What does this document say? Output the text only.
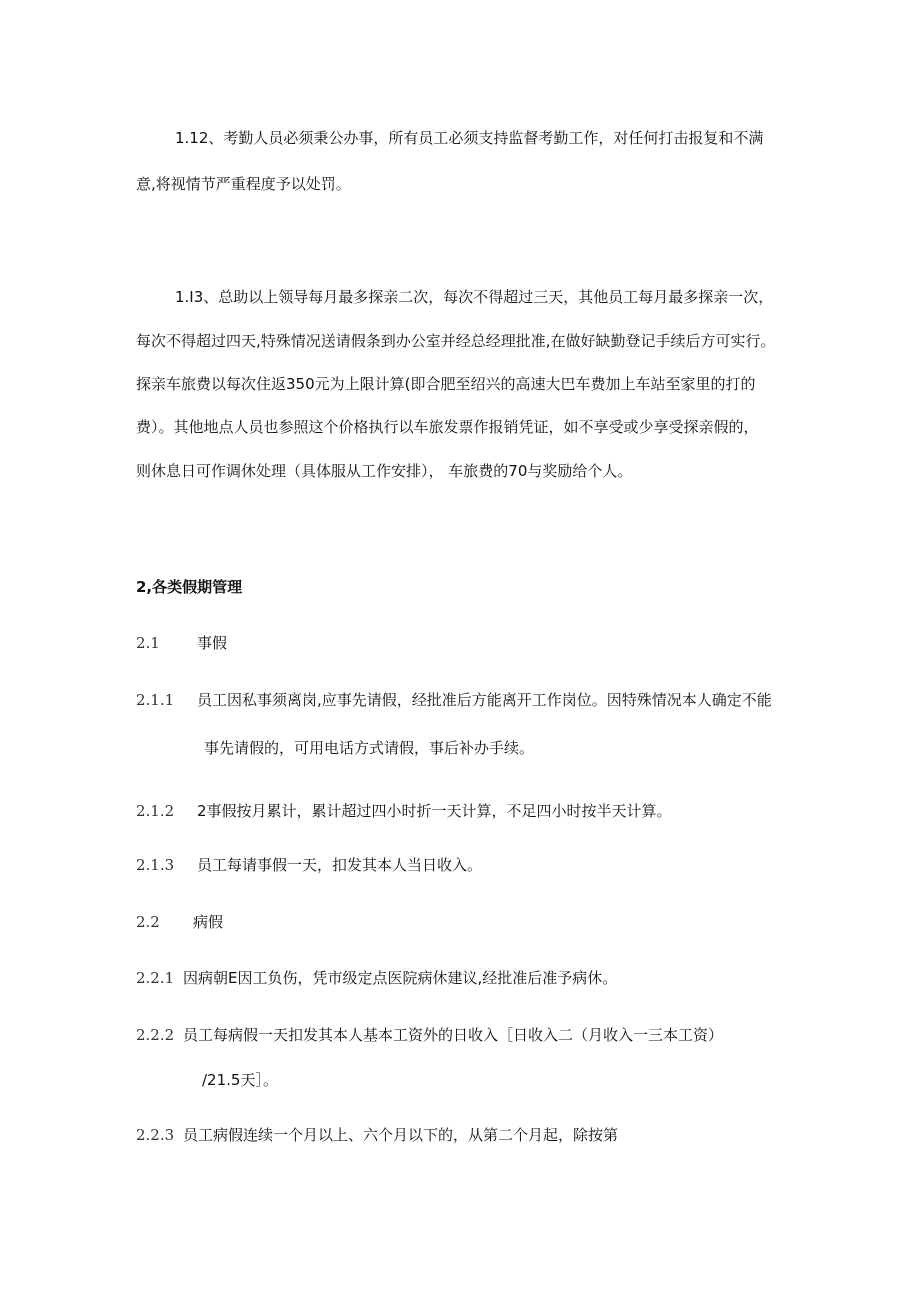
1.12、考勤人员必须秉公办事，所有员工必须支持监督考勤工作，对任何打击报复和不满
意,将视情节严重程度予以处罚。
1.I3、总助以上领导每月最多探亲二次，每次不得超过三天，其他员工每月最多探亲一次，
每次不得超过四天,特殊情况送请假条到办公室并经总经理批准,在做好缺勤登记手续后方可实行。
探亲车旅费以每次住返350元为上限计算(即合肥至绍兴的高速大巴车费加上车站至家里的打的
费）。其他地点人员也参照这个价格执行以车旅发票作报销凭证，如不享受或少享受探亲假的，
则休息日可作调休处理（具体服从工作安排）， 车旅费的70与奖励给个人。
2,各类假期管理
2.1 事假
2.1.1 员工因私事须离岗,应事先请假，经批准后方能离开工作岗位。因特殊情况本人确定不能
事先请假的，可用电话方式请假，事后补办手续。
2.1.2 2事假按月累计，累计超过四小时折一天计算，不足四小时按半天计算。
2.1.3 员工每请事假一天，扣发其本人当日收入。
2.2 病假
2.2.1 因病朝E因工负伤，凭市级定点医院病休建议,经批准后准予病休。
2.2.2 员工每病假一天扣发其本人基本工资外的日收入［日收入二（月收入一三本工资）
/21.5天］。
2.2.3 员工病假连续一个月以上、六个月以下的，从第二个月起，除按第
